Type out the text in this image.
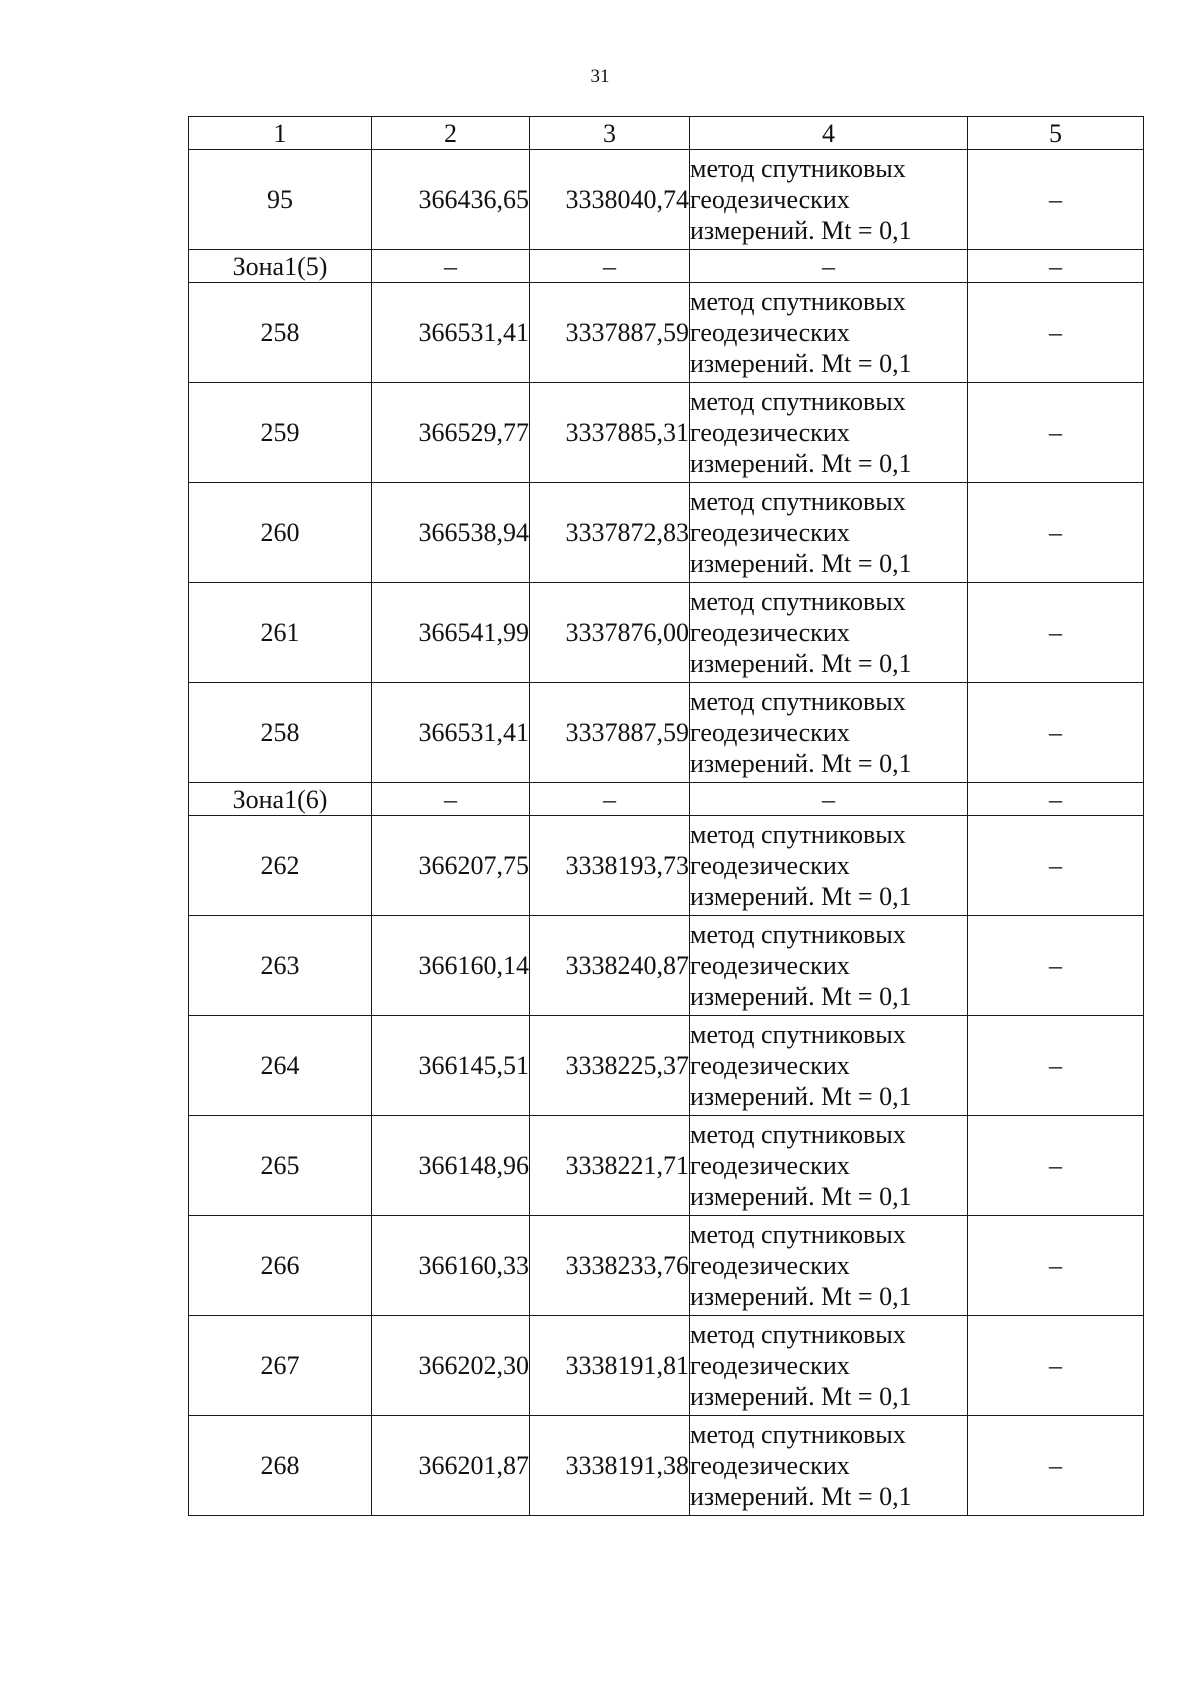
31
1	2	3	4	5
95	366436,65	3338040,74	метод спутниковых
геодезических
измерений. Mt = 0,1	–
Зона1(5)	–	–	–	–
258	366531,41	3337887,59	метод спутниковых
геодезических
измерений. Mt = 0,1	–
259	366529,77	3337885,31	метод спутниковых
геодезических
измерений. Mt = 0,1	–
260	366538,94	3337872,83	метод спутниковых
геодезических
измерений. Mt = 0,1	–
261	366541,99	3337876,00	метод спутниковых
геодезических
измерений. Mt = 0,1	–
258	366531,41	3337887,59	метод спутниковых
геодезических
измерений. Mt = 0,1	–
Зона1(6)	–	–	–	–
262	366207,75	3338193,73	метод спутниковых
геодезических
измерений. Mt = 0,1	–
263	366160,14	3338240,87	метод спутниковых
геодезических
измерений. Mt = 0,1	–
264	366145,51	3338225,37	метод спутниковых
геодезических
измерений. Mt = 0,1	–
265	366148,96	3338221,71	метод спутниковых
геодезических
измерений. Mt = 0,1	–
266	366160,33	3338233,76	метод спутниковых
геодезических
измерений. Mt = 0,1	–
267	366202,30	3338191,81	метод спутниковых
геодезических
измерений. Mt = 0,1	–
268	366201,87	3338191,38	метод спутниковых
геодезических
измерений. Mt = 0,1	–
